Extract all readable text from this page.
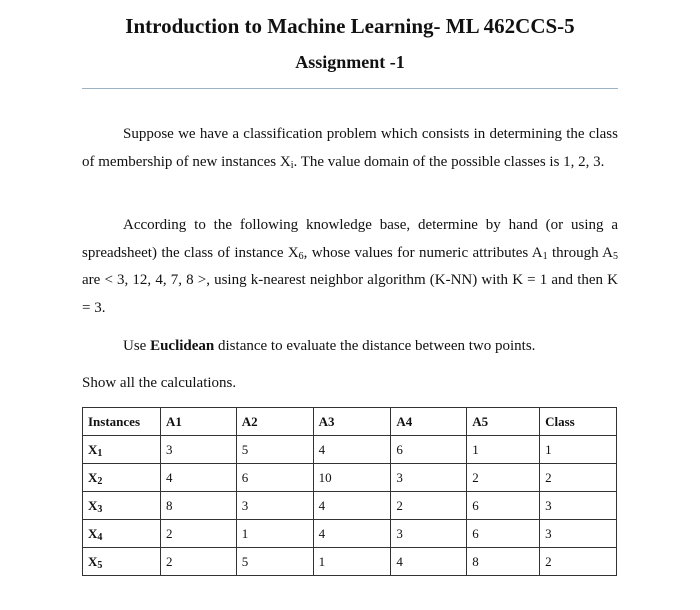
Introduction to Machine Learning- ML 462CCS-5
Assignment -1
Suppose we have a classification problem which consists in determining the class of membership of new instances $X_i$. The value domain of the possible classes is 1, 2, 3.
According to the following knowledge base, determine by hand (or using a spreadsheet) the class of instance $X_6$, whose values for numeric attributes $A_1$ through $A_5$ are < 3, 12, 4, 7, 8 >, using k-nearest neighbor algorithm (K-NN) with K = 1 and then K = 3.
Use Euclidean distance to evaluate the distance between two points.
Show all the calculations.
Instances	A1	A2	A3	A4	A5	Class
$X_1$	3	5	4	6	1	1
$X_2$	4	6	10	3	2	2
$X_3$	8	3	4	2	6	3
$X_4$	2	1	4	3	6	3
$X_5$	2	5	1	4	8	2
